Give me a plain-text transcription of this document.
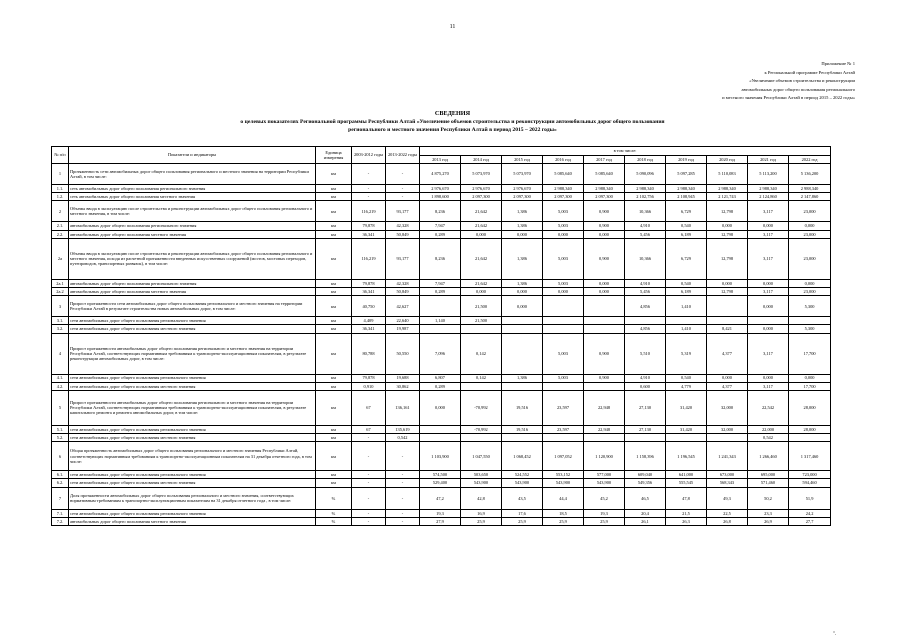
11
Приложение № 1
к Региональной программе Республики Алтай
«Увеличение объемов строительства и реконструкции
автомобильных дорог общего пользования регионального
и местного значения Республики Алтай в период 2015 – 2022 годы»
СВЕДЕНИЯ
о целевых показателях Региональной программы Республики Алтай «Увеличение объемов строительства и реконструкции автомобильных дорог общего пользования
регионального и местного значения Республики Алтай в период 2015 – 2022 годы»
№ п/п	Показатели и индикаторы	Единица измерения	2003-2012 годы	2013-2022 годы	в том числе:									
					2013 год	2014 год	2015 год	2016 год	2017 год	2018 год	2019 год	2020 год	2021 год	2022 год
1	Протяженность сети автомобильных дорог общего пользования регионального и местного значения на территории Республики Алтай, в том числе:	км	-	-	4 875,270	5 073,970	5 073,970	5 085,640	5 085,640	5 090,096	5 097,285	5 110,083	5 113,200	5 136,200
1.1.	сеть автомобильных дорог общего пользования регионального значения	км	-	-	2 976,670	2 976,670	2 976,670	2 988,340	2 988,340	2 988,340	2 988,340	2 988,340	2 988,340	2 988,340
1.2.	сеть автомобильных дорог общего пользования местного значения	км	-	-	1 898,600	2 097,300	2 097,300	2 097,300	2 097,300	2 102,756	2 108,945	2 121,743	2 124,860	2 147,860
2	Объемы ввода в эксплуатацию после строительства и реконструкции автомобильных дорог общего пользования регионального и местного значения, в том числе:	км	116,219	93,177	8,236	21,642	1,386	5,003	0,900	10,366	6,729	12,798	3,117	23,000
2.1.	автомобильных дорог общего пользования регионального значения	км	79,878	42,328	7,947	21,642	1,386	5,003	0,900	4,910	0,540	0,000	0,000	0,000
2.2.	автомобильных дорог общего пользования местного значения	км	36,341	50,849	0,289	0,000	0,000	0,000	0,000	5,456	6,189	12,798	3,117	23,000
2а	Объемы ввода в эксплуатацию после строительства и реконструкции автомобильных дорог общего пользования регионального и местного значения, исходя из расчетной протяженности введенных искусственных сооружений (мостов, мостовых переходов, путепроводов, транспортных развязок), в том числе:	км	116,219	93,177	8,236	21,642	1,386	5,003	0,900	10,366	6,729	12,798	3,117	23,000
2а.1	автомобильных дорог общего пользования регионального значения	км	79,878	42,328	7,947	21,642	1,386	5,003	0,000	4,910	0,540	0,000	0,000	0,000
2а.2	автомобильных дорог общего пользования местного значения	км	36,341	50,849	0,289	0,000	0,000	0,000	0,000	5,456	6,189	12,798	3,117	23,000
3	Прирост протяженности сети автомобильных дорог общего пользования регионального и местного значения на территории Республики Алтай в результате строительства новых автомобильных дорог, в том числе:	км	40,750	42,627		21,500	0,000			4,856	1,410		0,000	5,300
3.1.	сети автомобильных дорог общего пользования регионального значения	км	4,409	22,640	1,140	21,500								
3.2.	сети автомобильных дорог общего пользования местного значения	км	36,341	19,987						4,856	1,410	8,421	0,000	5,300
4	Прирост протяженности автомобильных дорог общего пользования регионального и местного значения на территории Республики Алтай, соответствующих нормативным требованиям к транспортно-эксплуатационным показателям, в результате реконструкции автомобильных дорог, в том числе:	км	80,788	50,550	7,096	0,142		5,003	0,900	5,510	5,319	4,377	3,117	17,700
4.1.	сети автомобильных дорог общего пользования регионального значения	км	79,878	19,688	6,807	0,142	1,386	5,003	0,900	4,910	0,540	0,000	0,000	0,000
4.2.	сети автомобильных дорог общего пользования местного значения	км	0,910	30,862	0,289					0,600	4,779	4,377	3,117	17,700
5	Прирост протяженности автомобильных дорог общего пользования регионального и местного значения на территории Республики Алтай, соответствующих нормативным требованиям к транспортно-эксплуатационным показателям, в результате капитального ремонта и ремонта автомобильных дорог, в том числе:	км	67	136,161	0,000	-70,992	19,516	23,597	22,948	27,130	31,420	32,000	22,542	28,000
5.1.	сети автомобильных дорог общего пользования регионального значения	км	67	135,619		-70,992	19,516	23,597	22,948	27,130	31,420	32,000	22,000	28,000
5.2.	сети автомобильных дорог общего пользования местного значения	км	-	0,542									0,542	
6	Общая протяженность автомобильных дорог общего пользования регионального и местного значения Республики Алтай, соответствующих нормативным требованиям к транспортно-эксплуатационным показателям на 31 декабря отчетного года, в том числе:	км	-	-	1 103,900	1 047,550	1 068,452	1 097,052	1 120,900	1 158,396	1 196,545	1 241,343	1 266,460	1 317,460
6.1.	сети автомобильных дорог общего пользования регионального значения	км	-	-	574,500	503,650	524,552	553,152	577,000	609,040	641,000	673,000	695,000	723,000
6.2.	сети автомобильных дорог общего пользования местного значения	км	-	-	529,400	543,900	543,900	543,900	543,900	549,356	555,545	568,343	571,460	594,460
7	Доля протяженности автомобильных дорог общего пользования регионального и местного значения, соответствующих нормативным требованиям к транспортно-эксплуатационным показателям на 31 декабря отчетного года , в том числе:	%	-	-	47,2	42,8	43,5	44,4	45,2	46,5	47,8	49,3	50,2	51,9
7.1.	сети автомобильных дорог общего пользования регионального значения	%	-	-	19,3	16,9	17,6	18,5	19,3	20,4	21,5	22,5	23,3	24,2
7.2.	автомобильных дорог общего пользования местного значения	%	-	-	27,9	25,9	25,9	25,9	25,9	26,1	26,3	26,8	26,9	27,7
".
